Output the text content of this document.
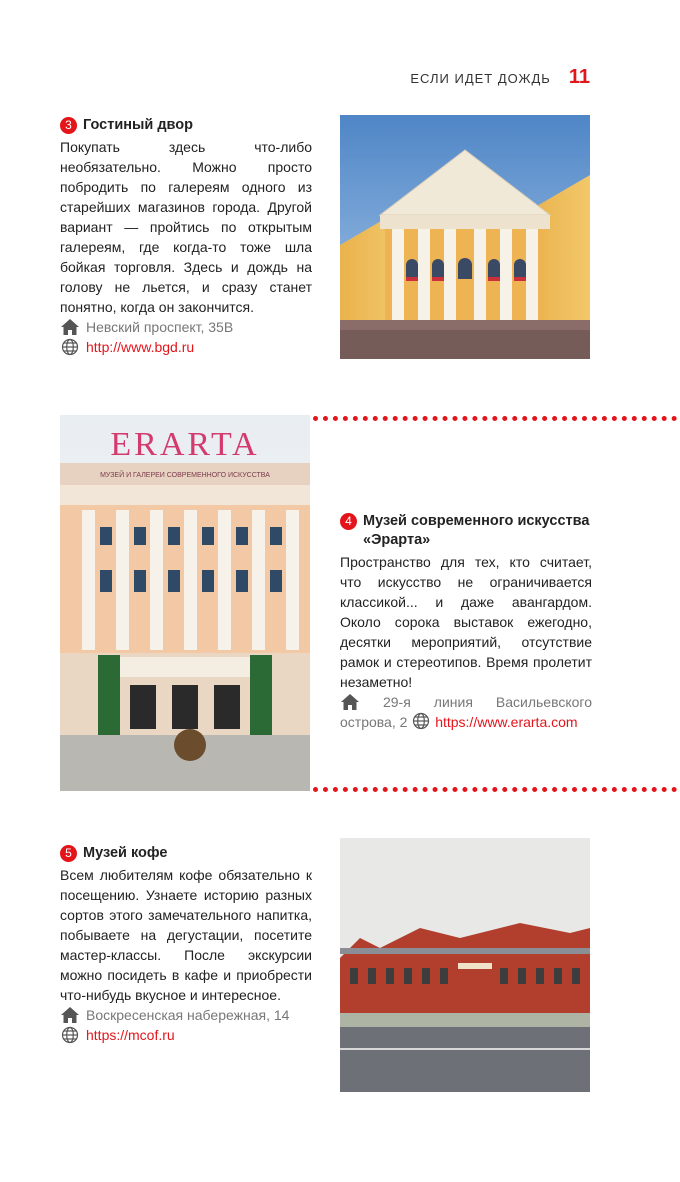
ЕСЛИ ИДЕТ ДОЖДЬ 11
3 Гостиный двор

Покупать здесь что-либо необязательно. Можно просто побродить по галереям одного из старейших магазинов города. Другой вариант — пройтись по открытым галереям, где когда-то тоже шла бойкая торговля. Здесь и дождь на голову не льется, и сразу станет понятно, когда он закончится.

Невский проспект, 35В
http://www.bgd.ru
ERARTA
МУЗЕЙ И ГАЛЕРЕИ СОВРЕМЕННОГО ИСКУССТВА
4 Музей современного искусства «Эрарта»

Пространство для тех, кто считает, что искусство не ограничивается классикой... и даже авангардом. Около сорока выставок ежегодно, десятки мероприятий, отсутствие рамок и стереотипов. Время пролетит незаметно!

29-я линия Васильевского острова, 2 https://www.erarta.com
5 Музей кофе

Всем любителям кофе обязательно к посещению. Узнаете историю разных сортов этого замечательного напитка, побываете на дегустации, посетите мастер-классы. После экскурсии можно посидеть в кафе и приобрести что-нибудь вкусное и интересное.

Воскресенская набережная, 14
https://mcof.ru
